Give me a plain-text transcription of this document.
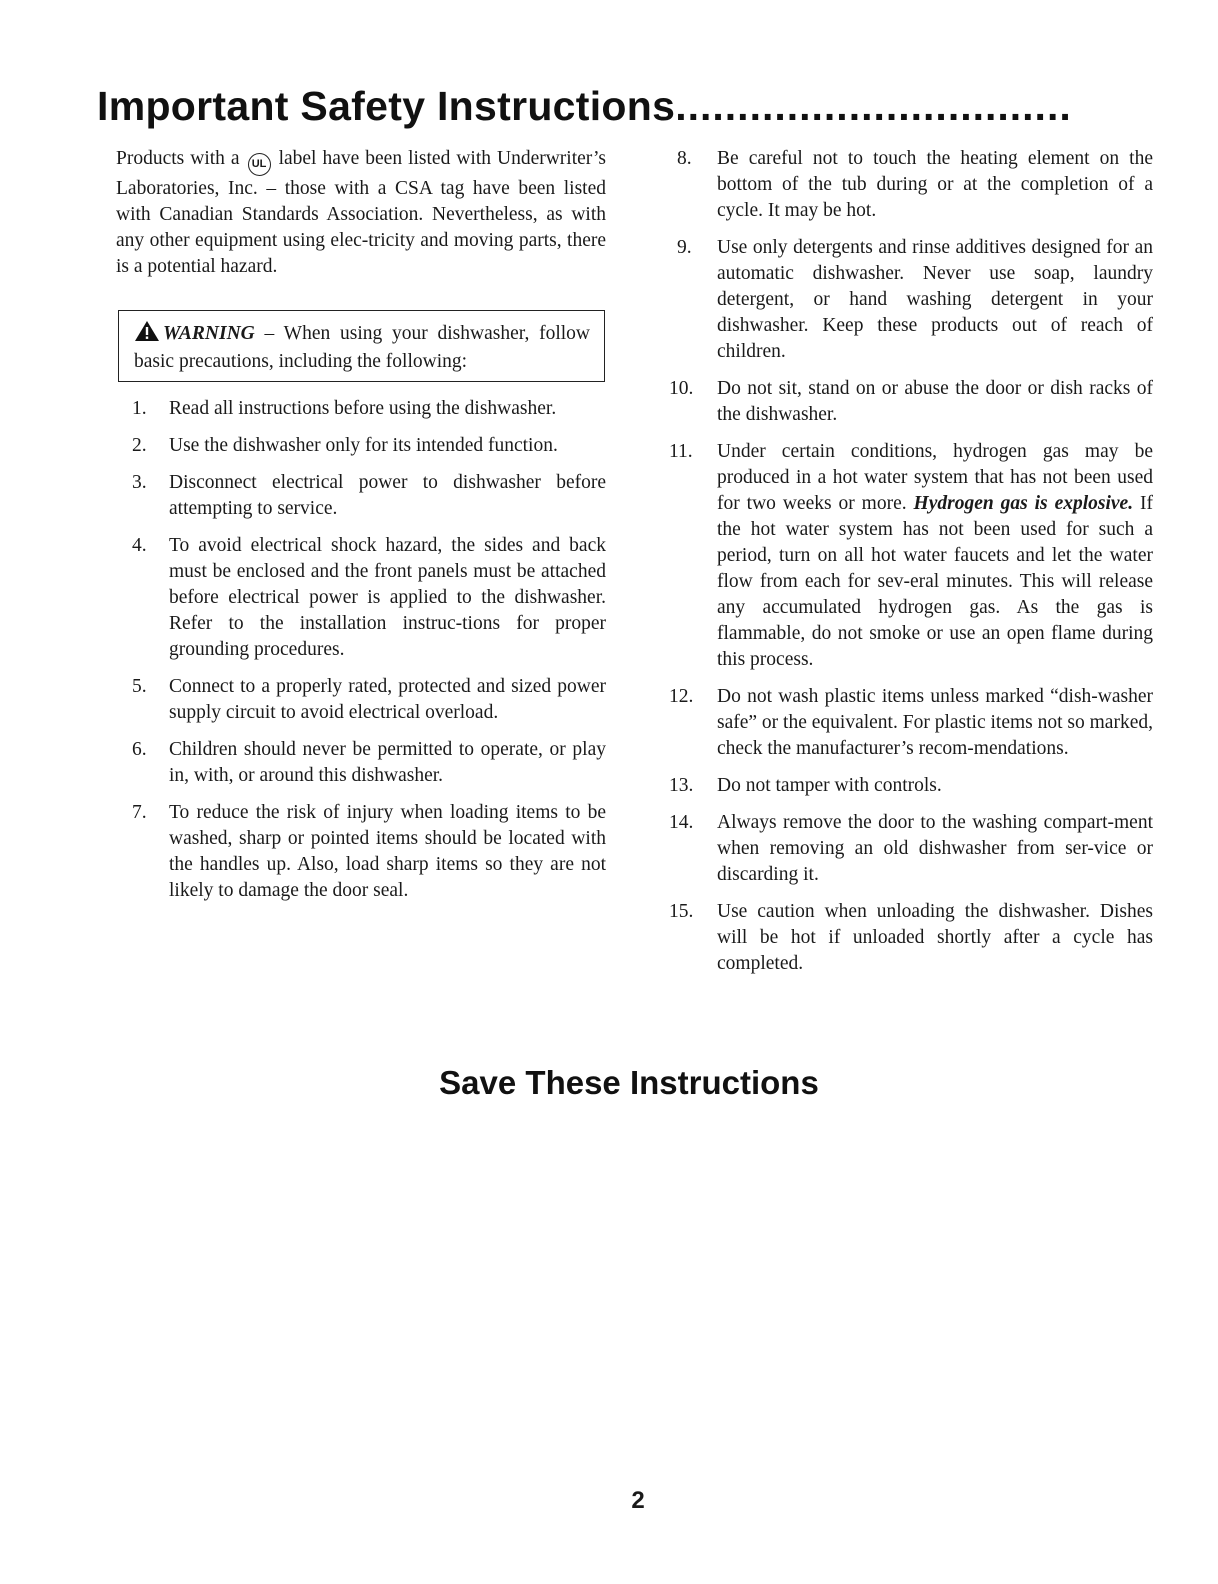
Important Safety Instructions................................

Products with a UL label have been listed with Underwriter’s Laboratories, Inc. – those with a CSA tag have been listed with Canadian Standards Association. Nevertheless, as with any other equipment using elec-tricity and moving parts, there is a potential hazard.

WARNING – When using your dishwasher, follow basic precautions, including the following:
1. Read all instructions before using the dishwasher.
2. Use the dishwasher only for its intended function.
3. Disconnect electrical power to dishwasher before attempting to service.
4. To avoid electrical shock hazard, the sides and back must be enclosed and the front panels must be attached before electrical power is applied to the dishwasher. Refer to the installation instruc-tions for proper grounding procedures.
5. Connect to a properly rated, protected and sized power supply circuit to avoid electrical overload.
6. Children should never be permitted to operate, or play in, with, or around this dishwasher.
7. To reduce the risk of injury when loading items to be washed, sharp or pointed items should be located with the handles up. Also, load sharp items so they are not likely to damage the door seal.
8. Be careful not to touch the heating element on the bottom of the tub during or at the completion of a cycle. It may be hot.
9. Use only detergents and rinse additives designed for an automatic dishwasher. Never use soap, laundry detergent, or hand washing detergent in your dishwasher. Keep these products out of reach of children.
10. Do not sit, stand on or abuse the door or dish racks of the dishwasher.
11. Under certain conditions, hydrogen gas may be produced in a hot water system that has not been used for two weeks or more. Hydrogen gas is explosive. If the hot water system has not been used for such a period, turn on all hot water faucets and let the water flow from each for sev-eral minutes. This will release any accumulated hydrogen gas. As the gas is flammable, do not smoke or use an open flame during this process.
12. Do not wash plastic items unless marked “dish-washer safe” or the equivalent. For plastic items not so marked, check the manufacturer’s recom-mendations.
13. Do not tamper with controls.
14. Always remove the door to the washing compart-ment when removing an old dishwasher from ser-vice or discarding it.
15. Use caution when unloading the dishwasher. Dishes will be hot if unloaded shortly after a cycle has completed.
Save These Instructions
2
